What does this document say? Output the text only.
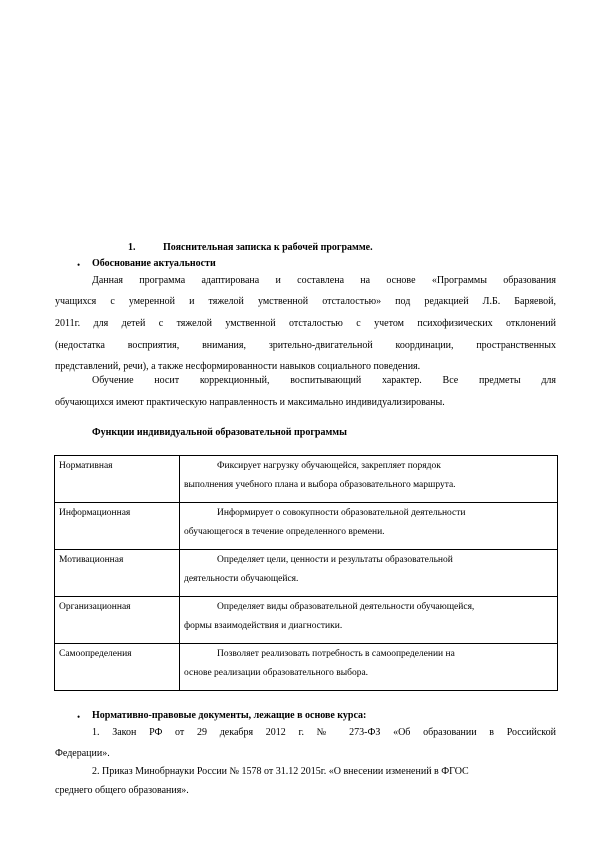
1.	Пояснительная записка к рабочей программе.
• Обоснование актуальности
Данная программа адаптирована и составлена на основе «Программы образования
учащихся с умеренной и тяжелой умственной отсталостью» под редакцией Л.Б. Баряевой,
2011г. для детей с тяжелой умственной отсталостью с учетом психофизических отклонений
(недостатка восприятия, внимания, зрительно-двигательной координации, пространственных
представлений, речи), а также несформированности навыков социального поведения.
Обучение носит коррекционный, воспитывающий характер. Все предметы для
обучающихся имеют практическую направленность и максимально индивидуализированы.
Функции индивидуальной образовательной программы
Нормативная	Фиксирует нагрузку обучающейся, закрепляет порядок
выполнения учебного плана и выбора образовательного маршрута.

Информационная	Информирует о совокупности образовательной деятельности
обучающегося в течение определенного времени.

Мотивационная	Определяет цели, ценности и результаты образовательной
деятельности обучающейся.

Организационная	Определяет виды образовательной деятельности обучающейся,
формы взаимодействия и диагностики.

Самоопределения	Позволяет реализовать потребность в самоопределении на
основе реализации образовательного выбора.
• Нормативно-правовые документы, лежащие в основе курса:
1. Закон РФ от 29 декабря 2012 г. № 273-ФЗ «Об образовании в Российской
Федерации».
2. Приказ Минобрнауки России № 1578 от 31.12 2015г. «О внесении изменений в ФГОС
среднего общего образования».
